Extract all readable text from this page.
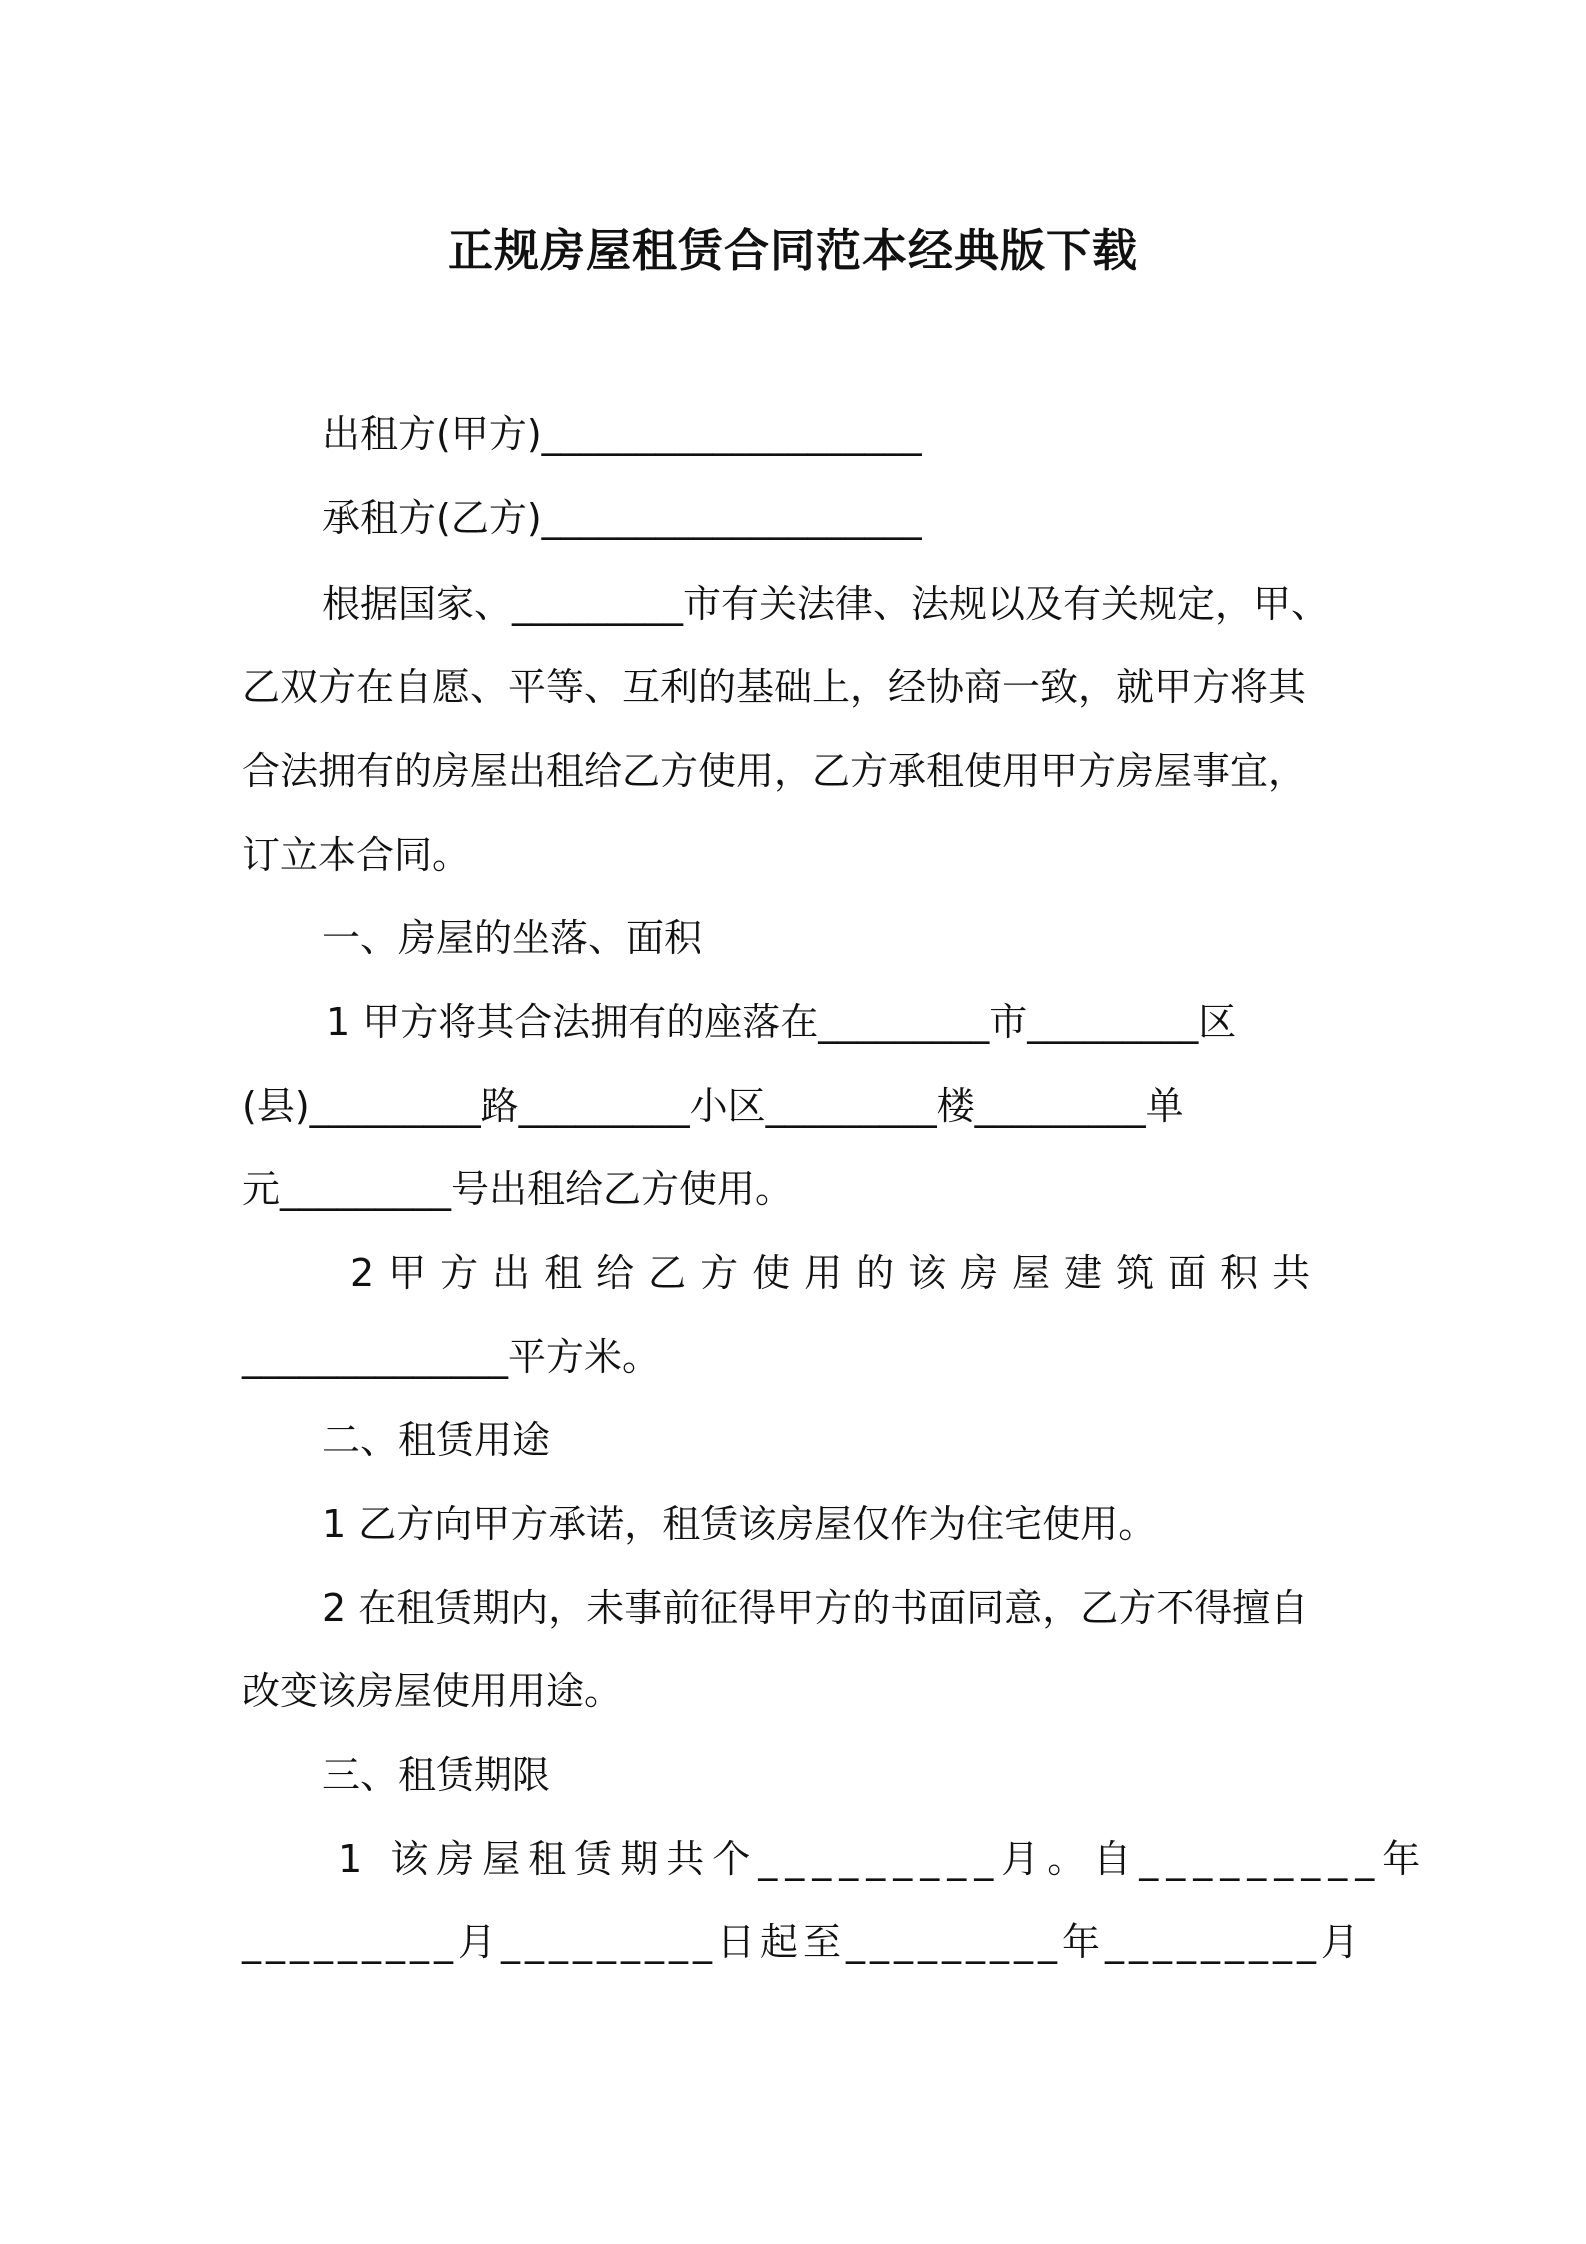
正规房屋租赁合同范本经典版下载

出租方(甲方)____________________

承租方(乙方)____________________

根据国家、_________市有关法律、法规以及有关规定，甲、

乙双方在自愿、平等、互利的基础上，经协商一致，就甲方将其

合法拥有的房屋出租给乙方使用，乙方承租使用甲方房屋事宜，

订立本合同。

一、房屋的坐落、面积

1 甲方将其合法拥有的座落在_________市_________区

(县)_________路_________小区_________楼_________单

元_________号出租给乙方使用。

2甲方出租给乙方使用的该房屋建筑面积共

______________平方米。

二、租赁用途

1 乙方向甲方承诺，租赁该房屋仅作为住宅使用。

2 在租赁期内，未事前征得甲方的书面同意，乙方不得擅自

改变该房屋使用用途。

三、租赁期限

1 该房屋租赁期共个_________月。自_________年

_________月_________日起至_________年_________月
